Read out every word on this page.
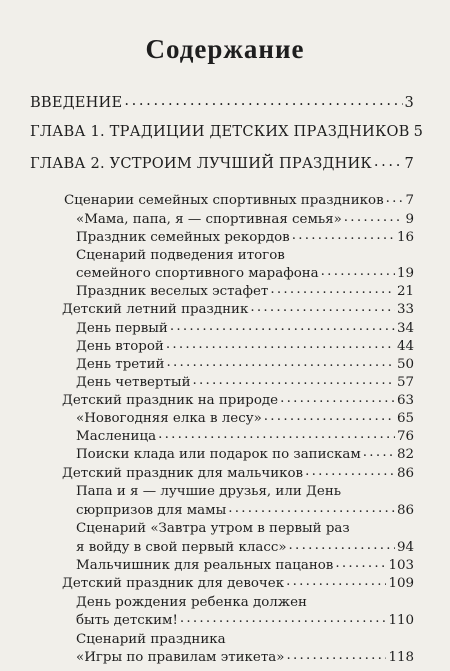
Содержание
ВВЕДЕНИЕ . . .	3
ГЛАВА 1. ТРАДИЦИИ ДЕТСКИХ ПРАЗДНИКОВ 5
ГЛАВА 2. УСТРОИМ ЛУЧШИЙ ПРАЗДНИК . . . 7
Сценарии семейных спортивных праздников . . . 7
«Мама, папа, я — спортивная семья» . . .	9
Праздник семейных рекордов . . .	16
Сценарий подведения итогов
семейного спортивного марафона . . .	19
Праздник веселых эстафет . . .	21
Детский летний праздник . . .	33
День первый . . .	34
День второй . . .	44
День третий . . .	50
День четвертый . . .	57
Детский праздник на природе . . .	63
«Новогодняя елка в лесу» . . .	65
Масленица . . .	76
Поиски клада или подарок по запискам . . .	82
Детский праздник для мальчиков . . .	86
Папа и я — лучшие друзья, или День
сюрпризов для мамы . . .	86
Сценарий «Завтра утром в первый раз
я войду в свой первый класс» . . .	94
Мальчишник для реальных пацанов . . .	103
Детский праздник для девочек . . .	109
День рождения ребенка должен
быть детским! . . .	110
Сценарий праздника
«Игры по правилам этикета» . . .	118
